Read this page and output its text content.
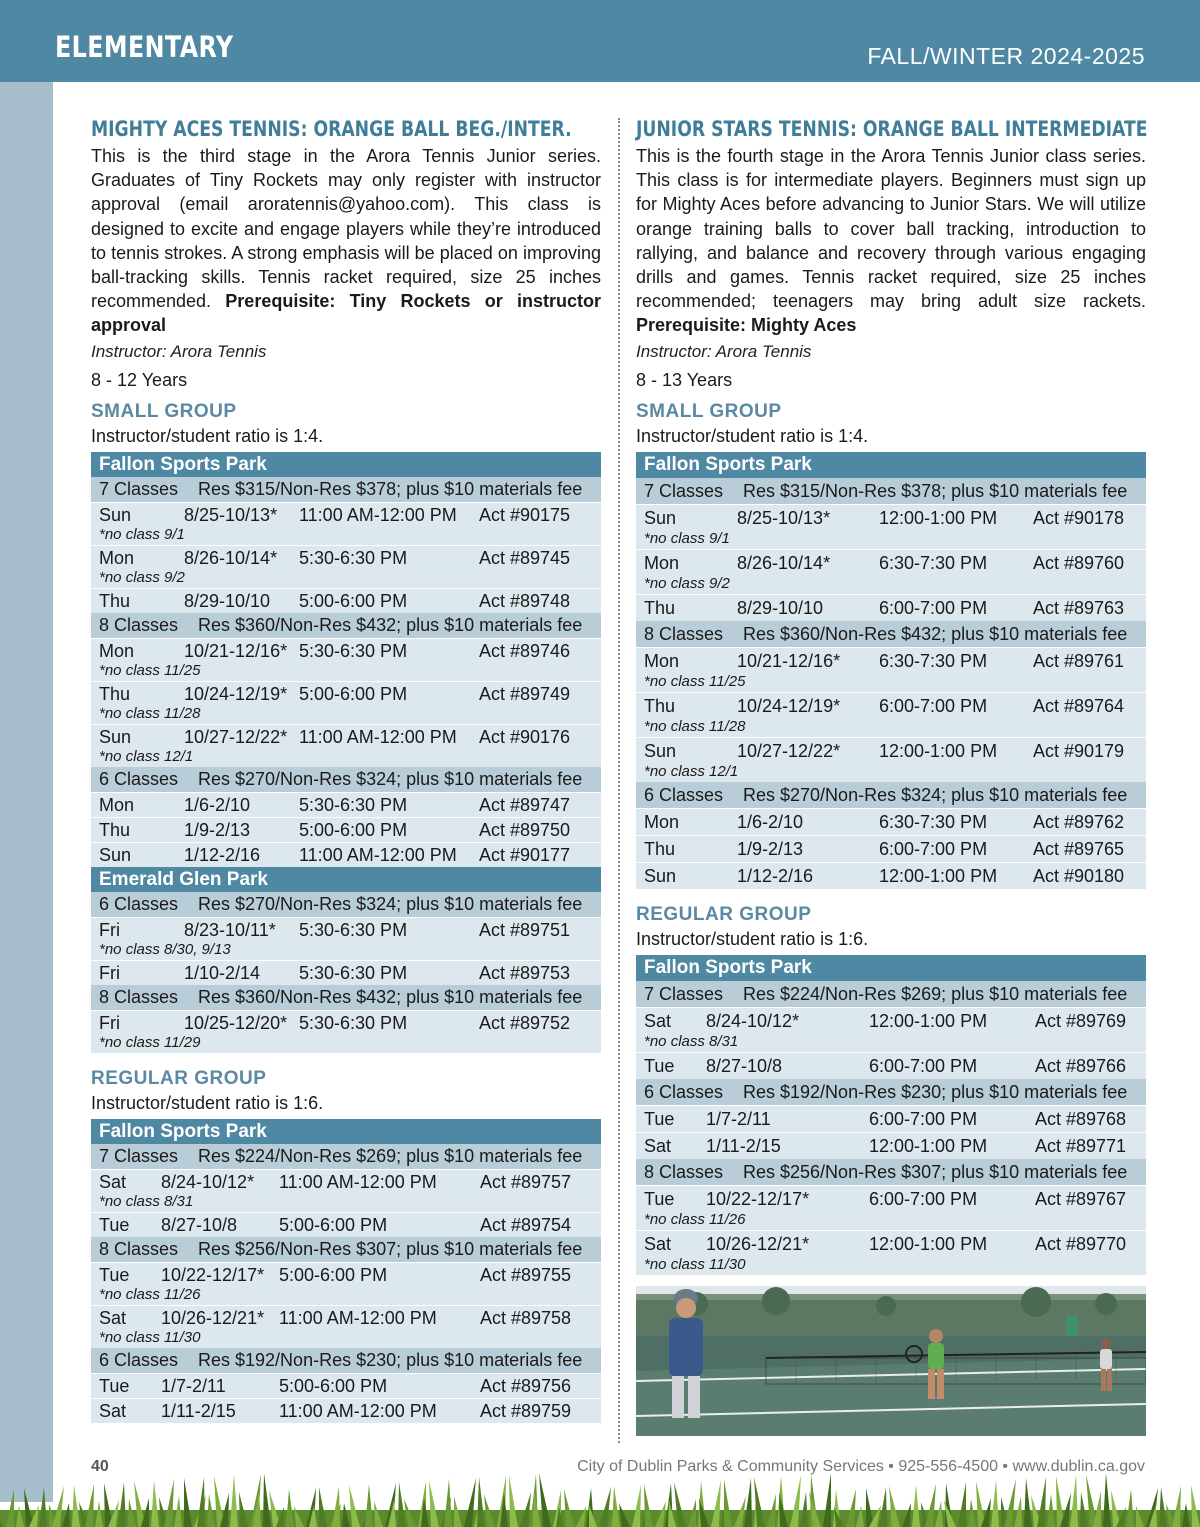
ELEMENTARY	FALL/WINTER 2024-2025
MIGHTY ACES TENNIS: ORANGE BALL BEG./INTER.
This is the third stage in the Arora Tennis Junior series. Graduates of Tiny Rockets may only register with instructor approval (email aroratennis@yahoo.com). This class is designed to excite and engage players while they’re introduced to tennis strokes. A strong emphasis will be placed on improving ball-tracking skills. Tennis racket required, size 25 inches recommended. Prerequisite: Tiny Rockets or instructor approval
Instructor: Arora Tennis
8 - 12 Years
SMALL GROUP
Instructor/student ratio is 1:4.
Fallon Sports Park
7 Classes Res $315/Non-Res $378; plus $10 materials fee
Sun	8/25-10/13* 11:00 AM-12:00 PM Act #90175
*no class 9/1
Mon	8/26-10/14* 5:30-6:30 PM	Act #89745
*no class 9/2
Thu	8/29-10/10 5:00-6:00 PM	Act #89748
8 Classes Res $360/Non-Res $432; plus $10 materials fee
Mon	10/21-12/16* 5:30-6:30 PM	Act #89746
*no class 11/25
Thu	10/24-12/19* 5:00-6:00 PM	Act #89749
*no class 11/28
Sun	10/27-12/22* 11:00 AM-12:00 PM Act #90176
*no class 12/1
6 Classes Res $270/Non-Res $324; plus $10 materials fee
Mon	1/6-2/10	5:30-6:30 PM	Act #89747
Thu	1/9-2/13	5:00-6:00 PM	Act #89750
Sun	1/12-2/16 11:00 AM-12:00 PM Act #90177
Emerald Glen Park
6 Classes Res $270/Non-Res $324; plus $10 materials fee
Fri	8/23-10/11* 5:30-6:30 PM	Act #89751
*no class 8/30, 9/13
Fri	1/10-2/14 5:30-6:30 PM	Act #89753
8 Classes Res $360/Non-Res $432; plus $10 materials fee
Fri	10/25-12/20* 5:30-6:30 PM	Act #89752
*no class 11/29
REGULAR GROUP
Instructor/student ratio is 1:6.
Fallon Sports Park
7 Classes Res $224/Non-Res $269; plus $10 materials fee
Sat 8/24-10/12* 11:00 AM-12:00 PM Act #89757
*no class 8/31
Tue 8/27-10/8 5:00-6:00 PM	Act #89754
8 Classes Res $256/Non-Res $307; plus $10 materials fee
Tue 10/22-12/17* 5:00-6:00 PM	Act #89755
*no class 11/26
Sat 10/26-12/21* 11:00 AM-12:00 PM Act #89758
*no class 11/30
6 Classes Res $192/Non-Res $230; plus $10 materials fee
Tue 1/7-2/11	5:00-6:00 PM	Act #89756
Sat 1/11-2/15 11:00 AM-12:00 PM Act #89759
JUNIOR STARS TENNIS: ORANGE BALL INTERMEDIATE
This is the fourth stage in the Arora Tennis Junior class series. This class is for intermediate players. Beginners must sign up for Mighty Aces before advancing to Junior Stars. We will utilize orange training balls to cover ball tracking, introduction to rallying, and balance and recovery through various engaging drills and games. Tennis racket required, size 25 inches recommended; teenagers may bring adult size rackets. Prerequisite: Mighty Aces
Instructor: Arora Tennis
8 - 13 Years
SMALL GROUP
Instructor/student ratio is 1:4.
Fallon Sports Park
7 Classes Res $315/Non-Res $378; plus $10 materials fee
Sun	8/25-10/13*	12:00-1:00 PM Act #90178
*no class 9/1
Mon	8/26-10/14*	6:30-7:30 PM	Act #89760
*no class 9/2
Thu	8/29-10/10	6:00-7:00 PM	Act #89763
8 Classes Res $360/Non-Res $432; plus $10 materials fee
Mon	10/21-12/16* 6:30-7:30 PM	Act #89761
*no class 11/25
Thu	10/24-12/19* 6:00-7:00 PM	Act #89764
*no class 11/28
Sun	10/27-12/22* 12:00-1:00 PM Act #90179
*no class 12/1
6 Classes Res $270/Non-Res $324; plus $10 materials fee
Mon	1/6-2/10	6:30-7:30 PM	Act #89762
Thu	1/9-2/13	6:00-7:00 PM	Act #89765
Sun	1/12-2/16	12:00-1:00 PM Act #90180
REGULAR GROUP
Instructor/student ratio is 1:6.
Fallon Sports Park
7 Classes Res $224/Non-Res $269; plus $10 materials fee
Sat 8/24-10/12*	12:00-1:00 PM	Act #89769
*no class 8/31
Tue 8/27-10/8	6:00-7:00 PM	Act #89766
6 Classes Res $192/Non-Res $230; plus $10 materials fee
Tue 1/7-2/11	6:00-7:00 PM	Act #89768
Sat 1/11-2/15	12:00-1:00 PM	Act #89771
8 Classes Res $256/Non-Res $307; plus $10 materials fee
Tue 10/22-12/17*	6:00-7:00 PM	Act #89767
*no class 11/26
Sat 10/26-12/21*	12:00-1:00 PM	Act #89770
*no class 11/30
40	City of Dublin Parks & Community Services • 925-556-4500 • www.dublin.ca.gov
